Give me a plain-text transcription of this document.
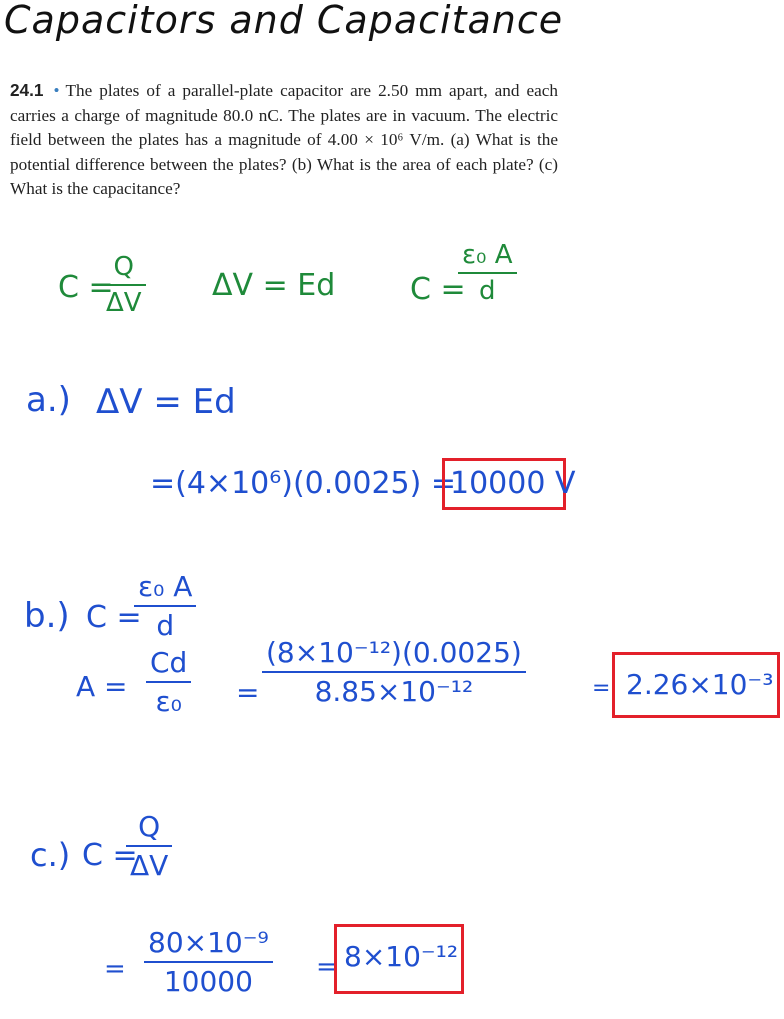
Capacitors and Capacitance
24.1 • The plates of a parallel-plate capacitor are 2.50 mm apart, and each carries a charge of magnitude 80.0 nC. The plates are in vacuum. The electric field between the plates has a magnitude of 4.00 × 10⁶ V/m. (a) What is the potential difference between the plates? (b) What is the area of each plate? (c) What is the capacitance?
C =
Q
ΔV ΔV = Ed C =
ε₀ A
d
a.) ΔV = Ed
=(4×10⁶)(0.0025) =
10000 V
b.) C =
ε₀ A
d
A =
Cd
ε₀ =
(8×10⁻¹²)(0.0025)
8.85×10⁻¹²	= 2.26×10⁻³
c.) C =
Q
ΔV
=
80×10⁻⁹
10000 = 8×10⁻¹²
